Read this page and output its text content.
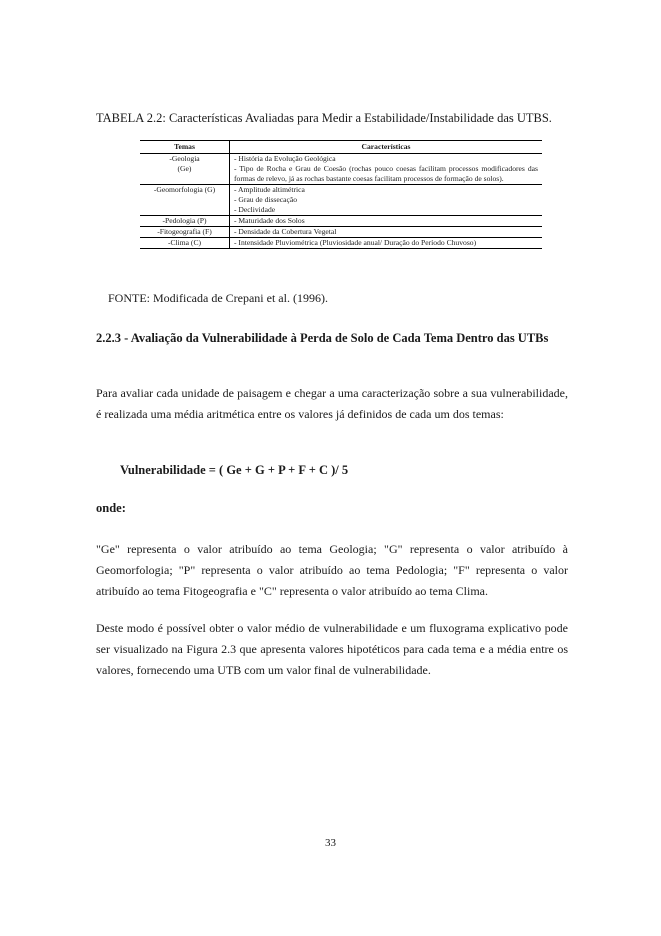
TABELA 2.2: Características Avaliadas para Medir a Estabilidade/Instabilidade das UTBS.
Temas	Características

-Geologia
(Ge)	- História da Evolução Geológica
- Tipo de Rocha e Grau de Coesão (rochas pouco coesas facilitam processos modificadores das formas de relevo, já as rochas bastante coesas facilitam processos de formação de solos).

-Geomorfologia (G)	- Amplitude altimétrica
- Grau de dissecação
- Declividade

-Pedologia (P)	- Maturidade dos Solos

-Fitogeografia (F)	- Densidade da Cobertura Vegetal

-Clima (C)	- Intensidade Pluviométrica (Pluviosidade anual/ Duração do Período Chuvoso)
FONTE: Modificada de Crepani et al. (1996).
2.2.3 - Avaliação da Vulnerabilidade à Perda de Solo de Cada Tema Dentro das UTBs
Para avaliar cada unidade de paisagem e chegar a uma caracterização sobre a sua vulnerabilidade, é realizada uma média aritmética entre os valores já definidos de cada um dos temas:
Vulnerabilidade = ( Ge + G + P + F + C )/ 5
onde:
"Ge" representa o valor atribuído ao tema Geologia; "G" representa o valor atribuído à Geomorfologia; "P" representa o valor atribuído ao tema Pedologia; "F" representa o valor atribuído ao tema Fitogeografia e "C" representa o valor atribuído ao tema Clima.
Deste modo é possível obter o valor médio de vulnerabilidade e um fluxograma explicativo pode ser visualizado na Figura 2.3 que apresenta valores hipotéticos para cada tema e a média entre os valores, fornecendo uma UTB com um valor final de vulnerabilidade.
33
